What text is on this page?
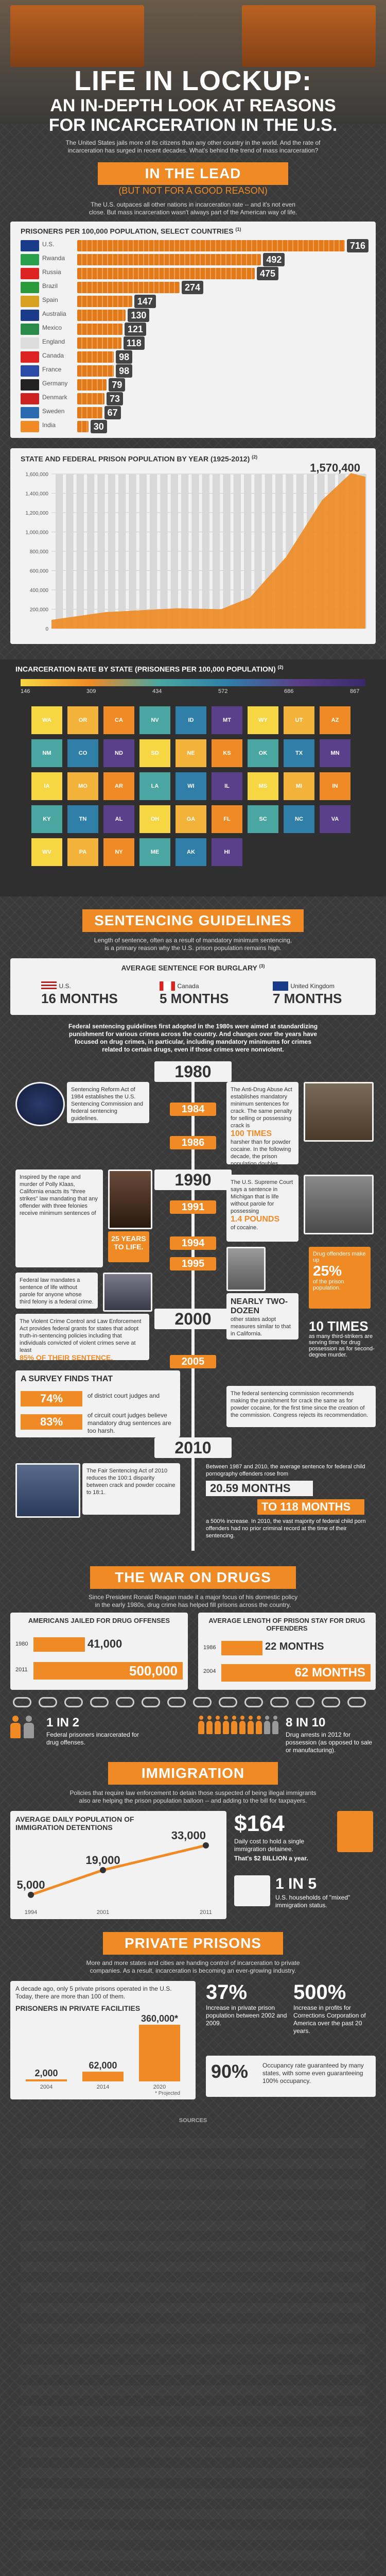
LIFE IN LOCKUP:
AN IN-DEPTH LOOK AT REASONS
FOR INCARCERATION IN THE U.S.
The United States jails more of its citizens than any other country in the world. And the rate of
incarceration has surged in recent decades. What's behind the trend of mass incarceration?
IN THE LEAD
(BUT NOT FOR A GOOD REASON)
The U.S. outpaces all other nations in incarceration rate -- and it's not even
close. But mass incarceration wasn't always part of the American way of life.
PRISONERS PER 100,000 POPULATION, SELECT COUNTRIES $^{(1)}$
U.S.	716
Rwanda	492
Russia	475
Brazil	274
Spain	147
Australia	130
Mexico	121
England	118
Canada	98
France	98
Germany	79
Denmark	73
Sweden	67
India	30
STATE AND FEDERAL PRISON POPULATION BY YEAR (1925-2012) $^{(2)}$
1,600,000
1,400,000
1,200,000
1,000,000
800,000
600,000
400,000
200,000
0
1,570,400
INCARCERATION RATE BY STATE (PRISONERS PER 100,000 POPULATION) $^{(2)}$
146	309	434	572	686	867
WA	OR	CA	NV	ID	MT	WY	UT	AZ
NM	CO	ND	SD	NE	KS	OK	TX	MN
IA	MO	AR	LA	WI	IL	MS	MI	IN
KY	TN	AL	OH	GA	FL	SC	NC	VA
WV	PA	NY	ME	AK	HI
SENTENCING GUIDELINES
Length of sentence, often as a result of mandatory minimum sentencing,
is a primary reason why the U.S. prison population remains high.
AVERAGE SENTENCE FOR BURGLARY $^{(3)}$
U.S.
16 MONTHS
Canada
5 MONTHS
United Kingdom
7 MONTHS
Federal sentencing guidelines first adopted in the 1980s were aimed at standardizing
punishment for various crimes across the country. And changes over the years have
focused on drug crimes, in particular, including mandatory minimums for crimes
related to certain drugs, even if those crimes were nonviolent.
1980
1984
1986
1990
1991
1994
1995
2000
2005
2010
Sentencing Reform Act of 1984 establishes the U.S. Sentencing Commission and federal sentencing guidelines.
The Anti-Drug Abuse Act establishes mandatory minimum sentences for crack. The same penalty for selling or possessing crack is
100 TIMES
harsher than for powder cocaine. In the following decade, the prison population doubles.
The U.S. Supreme Court says a sentence in Michigan that is life without parole for possessing
1.4 POUNDS
of cocaine.
Inspired by the rape and murder of Polly Klaas, California enacts its "three strikes" law mandating that any offender with three felonies receive minimum sentences of
25 YEARS TO LIFE.
Federal law mandates a sentence of life without parole for anyone whose third felony is a federal crime.
The Violent Crime Control and Law Enforcement Act provides federal grants for states that adopt truth-in-sentencing policies including that individuals convicted of violent crimes serve at least
85% OF THEIR SENTENCE.
NEARLY TWO-DOZEN
other states adopt measures similar to that in California.
Drug offenders make up
25%
of the prison population.
10 TIMES
as many third-strikers are serving time for drug possession as for second-degree murder.
The federal sentencing commission recommends making the punishment for crack the same as for powder cocaine, for the first time since the creation of the commission. Congress rejects its recommendation.
A SURVEY FINDS THAT
74%	of district court judges and
83%	of circuit court judges believe mandatory drug sentences are too harsh.
The Fair Sentencing Act of 2010 reduces the 100:1 disparity between crack and powder cocaine to 18:1.
Between 1987 and 2010, the average sentence for federal child pornography offenders rose from
20.59 MONTHS
TO 118 MONTHS
a 500% increase. In 2010, the vast majority of federal child porn offenders had no prior criminal record at the time of their sentencing.
THE WAR ON DRUGS
Since President Ronald Reagan made it a major focus of his domestic policy
in the early 1980s, drug crime has helped fill prisons across the country.
AMERICANS JAILED FOR DRUG OFFENSES
1980	41,000
2011	500,000
AVERAGE LENGTH OF PRISON STAY FOR DRUG OFFENDERS
1986	22 MONTHS
2004	62 MONTHS
1 IN 2
Federal prisoners incarcerated for drug offenses.
8 IN 10
Drug arrests in 2012 for possession (as opposed to sale or manufacturing).
IMMIGRATION
Policies that require law enforcement to detain those suspected of being illegal immigrants
also are helping the prison population balloon -- and adding to the bill for taxpayers.
AVERAGE DAILY POPULATION OF IMMIGRATION DETENTIONS
5,000
1994
19,000
2001
33,000
2011
$164
Daily cost to hold a single immigration detainee.
That's $2 BILLION a year.
1 IN 5
U.S. households of "mixed" immigration status.
PRIVATE PRISONS
More and more states and cities are handing control of incarceration to private
companies. As a result, incarceration is becoming an ever-growing industry.
A decade ago, only 5 private prisons operated in the U.S. Today, there are more than 100 of them.
PRISONERS IN PRIVATE FACILITIES
2,000
2004
62,000
2014
360,000*
2020
* Projected
37%
Increase in private prison population between 2002 and 2009.
500%
Increase in profits for Corrections Corporation of America over the past 20 years.
90% Occupancy rate guaranteed by many states, with some even guaranteeing 100% occupancy.
SOURCES
